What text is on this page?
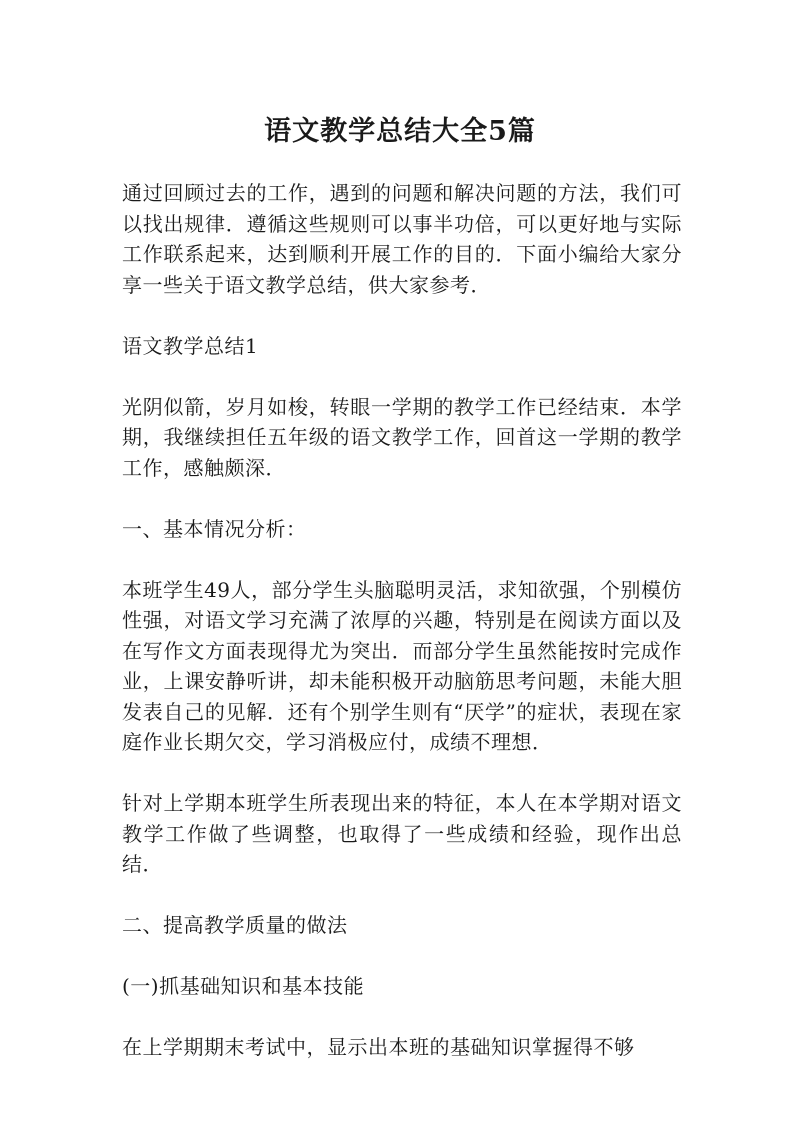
语文教学总结大全5篇

通过回顾过去的工作，遇到的问题和解决问题的方法，我们可以找出规律．遵循这些规则可以事半功倍，可以更好地与实际工作联系起来，达到顺利开展工作的目的．下面小编给大家分享一些关于语文教学总结，供大家参考．

语文教学总结1

光阴似箭，岁月如梭，转眼一学期的教学工作已经结束．本学期，我继续担任五年级的语文教学工作，回首这一学期的教学工作，感触颇深．

一、基本情况分析：

本班学生49人，部分学生头脑聪明灵活，求知欲强，个别模仿性强，对语文学习充满了浓厚的兴趣，特别是在阅读方面以及在写作文方面表现得尤为突出．而部分学生虽然能按时完成作业，上课安静听讲，却未能积极开动脑筋思考问题，未能大胆发表自己的见解．还有个别学生则有“厌学”的症状，表现在家庭作业长期欠交，学习消极应付，成绩不理想．

针对上学期本班学生所表现出来的特征，本人在本学期对语文教学工作做了些调整，也取得了一些成绩和经验，现作出总结．

二、提高教学质量的做法

(一)抓基础知识和基本技能

在上学期期末考试中，显示出本班的基础知识掌握得不够
